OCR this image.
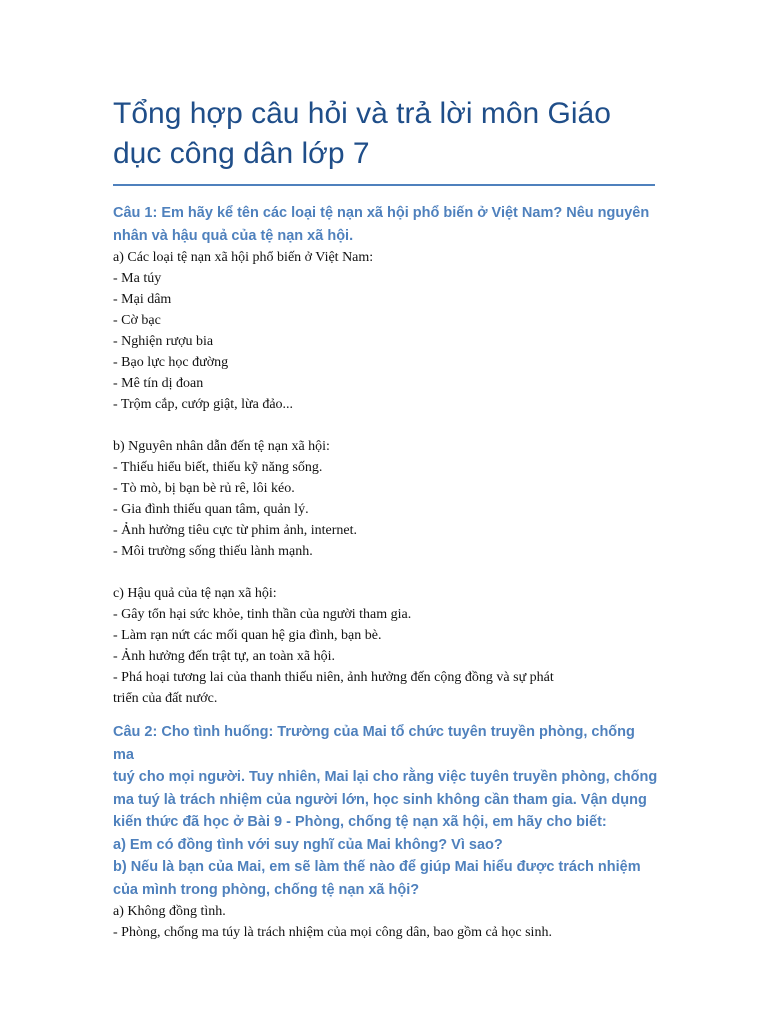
Tổng hợp câu hỏi và trả lời môn Giáo
dục công dân lớp 7

Câu 1: Em hãy kể tên các loại tệ nạn xã hội phổ biến ở Việt Nam? Nêu nguyên
nhân và hậu quả của tệ nạn xã hội.

a) Các loại tệ nạn xã hội phổ biến ở Việt Nam:
- Ma túy
- Mại dâm
- Cờ bạc
- Nghiện rượu bia
- Bạo lực học đường
- Mê tín dị đoan
- Trộm cắp, cướp giật, lừa đảo...
b) Nguyên nhân dẫn đến tệ nạn xã hội:
- Thiếu hiểu biết, thiếu kỹ năng sống.
- Tò mò, bị bạn bè rủ rê, lôi kéo.
- Gia đình thiếu quan tâm, quản lý.
- Ảnh hưởng tiêu cực từ phim ảnh, internet.
- Môi trường sống thiếu lành mạnh.
c) Hậu quả của tệ nạn xã hội:
- Gây tổn hại sức khỏe, tinh thần của người tham gia.
- Làm rạn nứt các mối quan hệ gia đình, bạn bè.
- Ảnh hưởng đến trật tự, an toàn xã hội.
- Phá hoại tương lai của thanh thiếu niên, ảnh hưởng đến cộng đồng và sự phát
triển của đất nước.

Câu 2: Cho tình huống: Trường của Mai tổ chức tuyên truyền phòng, chống ma
tuý cho mọi người. Tuy nhiên, Mai lại cho rằng việc tuyên truyền phòng, chống
ma tuý là trách nhiệm của người lớn, học sinh không cần tham gia. Vận dụng
kiến thức đã học ở Bài 9 - Phòng, chống tệ nạn xã hội, em hãy cho biết:
a) Em có đồng tình với suy nghĩ của Mai không? Vì sao?
b) Nếu là bạn của Mai, em sẽ làm thế nào để giúp Mai hiểu được trách nhiệm
của mình trong phòng, chống tệ nạn xã hội?

a) Không đồng tình.
- Phòng, chống ma túy là trách nhiệm của mọi công dân, bao gồm cả học sinh.
